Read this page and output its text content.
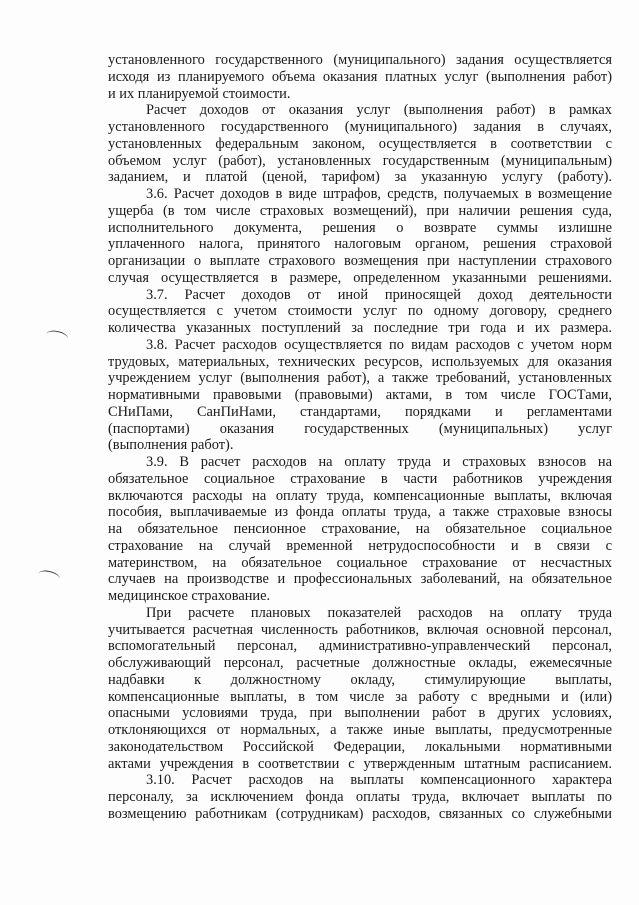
установленного государственного (муниципального) задания осуществляется
исходя из планируемого объема оказания платных услуг (выполнения работ)
и их планируемой стоимости.

Расчет доходов от оказания услуг (выполнения работ) в рамках
установленного государственного (муниципального) задания в случаях,
установленных федеральным законом, осуществляется в соответствии с
объемом услуг (работ), установленных государственным (муниципальным)
заданием, и платой (ценой, тарифом) за указанную услугу (работу).

3.6. Расчет доходов в виде штрафов, средств, получаемых в возмещение
ущерба (в том числе страховых возмещений), при наличии решения суда,
исполнительного документа, решения о возврате суммы излишне
уплаченного налога, принятого налоговым органом, решения страховой
организации о выплате страхового возмещения при наступлении страхового
случая осуществляется в размере, определенном указанными решениями.

3.7. Расчет доходов от иной приносящей доход деятельности
осуществляется с учетом стоимости услуг по одному договору, среднего
количества указанных поступлений за последние три года и их размера.

3.8. Расчет расходов осуществляется по видам расходов с учетом норм
трудовых, материальных, технических ресурсов, используемых для оказания
учреждением услуг (выполнения работ), а также требований, установленных
нормативными правовыми (правовыми) актами, в том числе ГОСТами,
СНиПами, СанПиНами, стандартами, порядками и регламентами
(паспортами) оказания государственных (муниципальных) услуг
(выполнения работ).

3.9. В расчет расходов на оплату труда и страховых взносов на
обязательное социальное страхование в части работников учреждения
включаются расходы на оплату труда, компенсационные выплаты, включая
пособия, выплачиваемые из фонда оплаты труда, а также страховые взносы
на обязательное пенсионное страхование, на обязательное социальное
страхование на случай временной нетрудоспособности и в связи с
материнством, на обязательное социальное страхование от несчастных
случаев на производстве и профессиональных заболеваний, на обязательное
медицинское страхование.

При расчете плановых показателей расходов на оплату труда
учитывается расчетная численность работников, включая основной персонал,
вспомогательный персонал, административно-управленческий персонал,
обслуживающий персонал, расчетные должностные оклады, ежемесячные
надбавки к должностному окладу, стимулирующие выплаты,
компенсационные выплаты, в том числе за работу с вредными и (или)
опасными условиями труда, при выполнении работ в других условиях,
отклоняющихся от нормальных, а также иные выплаты, предусмотренные
законодательством Российской Федерации, локальными нормативными
актами учреждения в соответствии с утвержденным штатным расписанием.

3.10. Расчет расходов на выплаты компенсационного характера
персоналу, за исключением фонда оплаты труда, включает выплаты по
возмещению работникам (сотрудникам) расходов, связанных со служебными
